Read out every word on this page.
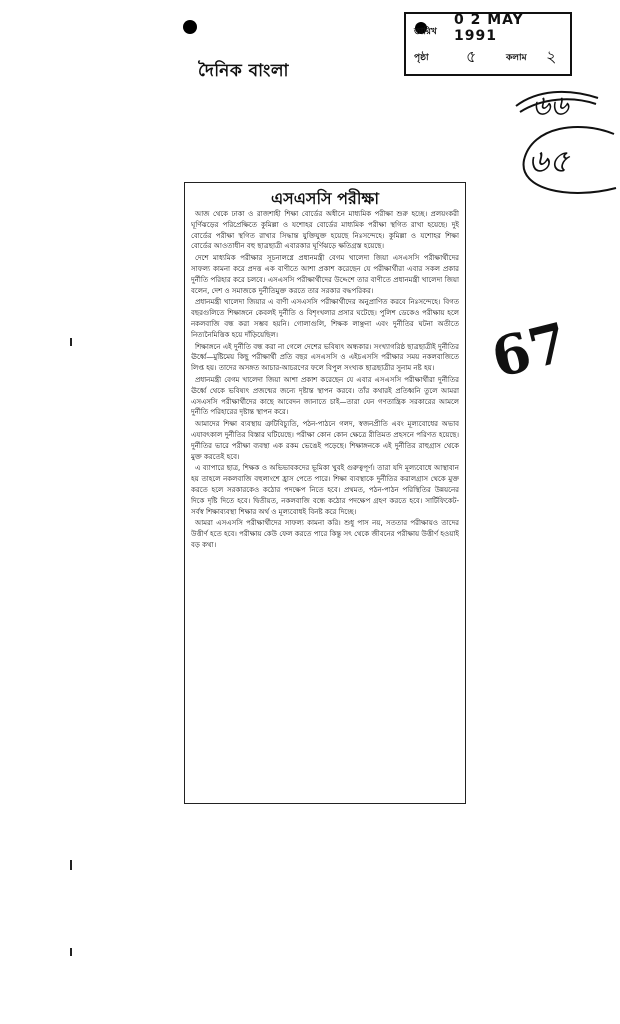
দৈনিক বাংলা
তারিখ
0 2 MAY 1991
পৃষ্ঠা ৫	কলাম ২
৬৬
৬৫
67
এসএসসি পরীক্ষা

আজ থেকে ঢাকা ও রাজশাহী শিক্ষা বোর্ডের অধীনে মাধ্যমিক পরীক্ষা শুরু হচ্ছে। প্রলয়ংকরী ঘূর্ণিঝড়ের পরিপ্রেক্ষিতে কুমিল্লা ও যশোহর বোর্ডের মাধ্যমিক পরীক্ষা স্থগিত রাখা হয়েছে। দুই বোর্ডের পরীক্ষা স্থগিত রাখার সিদ্ধান্ত যুক্তিযুক্ত হয়েছে নিঃসন্দেহে। কুমিল্লা ও যশোহর শিক্ষা বোর্ডের আওতাধীন বহু ছাত্রছাত্রী এবারকার ঘূর্ণিঝড়ে ক্ষতিগ্রস্ত হয়েছে।

দেশে মাধ্যমিক পরীক্ষার সূচনালগ্নে প্রধানমন্ত্রী বেগম খালেদা জিয়া এসএসসি পরীক্ষার্থীদের সাফল্য কামনা করে প্রদত্ত এক বাণীতে আশা প্রকাশ করেছেন যে পরীক্ষার্থীরা এবার সকল প্রকার দুর্নীতি পরিহার করে চলবে। এসএসসি পরীক্ষার্থীদের উদ্দেশে তার বাণীতে প্রধানমন্ত্রী খালেদা জিয়া বলেন, দেশ ও সমাজকে দুর্নীতিমুক্ত করতে তার সরকার বদ্ধপরিকর।

প্রধানমন্ত্রী খালেদা জিয়ার এ বাণী এসএসসি পরীক্ষার্থীদের অনুপ্রাণিত করবে নিঃসন্দেহে। বিগত বছরগুলিতে শিক্ষাঙ্গনে কেবলই দুর্নীতি ও বিশৃংখলার প্রসার ঘটেছে। পুলিশ ডেকেও পরীক্ষায় হলে নকলবাজি বন্ধ করা সম্ভব হয়নি। গোলাগুলি, শিক্ষক লাঞ্ছনা এবং দুর্নীতির ঘটনা অতীতে নিত্যনৈমিত্তিক হয়ে দাঁড়িয়েছিল।

শিক্ষাঙ্গনে এই দুর্নীতি বন্ধ করা না গেলে দেশের ভবিষ্যৎ অন্ধকার। সংখ্যাগরিষ্ঠ ছাত্রছাত্রীই দুর্নীতির ঊর্ধ্বে—মুষ্টিমেয় কিছু পরীক্ষার্থী প্রতি বছর এসএসসি ও এইচএসসি পরীক্ষার সময় নকলবাজিতে লিপ্ত হয়। তাদের অসঙ্গত আচার-আচরণের ফলে বিপুল সংখ্যক ছাত্রছাত্রীর সুনাম নষ্ট হয়।

প্রধানমন্ত্রী বেগম খালেদা জিয়া আশা প্রকাশ করেছেন যে এবার এসএসসি পরীক্ষার্থীরা দুর্নীতির ঊর্ধ্বে থেকে ভবিষ্যৎ প্রজন্মের জন্যে দৃষ্টান্ত স্থাপন করবে। তাঁর কথারই প্রতিধ্বনি তুলে আমরা এসএসসি পরীক্ষার্থীদের কাছে আবেদন জানাতে চাই—তারা যেন গণতান্ত্রিক সরকারের আমলে দুর্নীতি পরিহারের দৃষ্টান্ত স্থাপন করে।

আমাদের শিক্ষা ব্যবস্থায় ত্রুটিবিচ্যুতি, পঠন-পাঠনে গলদ, স্বজনপ্রীতি এবং মূল্যবোধের অভাব এযাবৎকাল দুর্নীতির বিস্তার ঘটিয়েছে। পরীক্ষা কোন কোন ক্ষেত্রে রীতিমত প্রহসনে পরিণত হয়েছে। দুর্নীতির ভারে পরীক্ষা ব্যবস্থা এক রকম ভেঙেই পড়েছে। শিক্ষাঙ্গনকে এই দুর্নীতির রাহুগ্রাস থেকে মুক্ত করতেই হবে।

এ ব্যাপারে ছাত্র, শিক্ষক ও অভিভাবকদের ভূমিকা খুবই গুরুত্বপূর্ণ। তারা যদি মূল্যবোধে আস্থাবান হয় তাহলে নকলবাজি বহুলাংশে হ্রাস পেতে পারে। শিক্ষা ব্যবস্থাকে দুর্নীতির করালগ্রাস থেকে মুক্ত করতে হলে সরকারকেও কঠোর পদক্ষেপ নিতে হবে। প্রথমত, পঠন-পাঠন পরিস্থিতির উন্নয়নের দিকে দৃষ্টি দিতে হবে। দ্বিতীয়ত, নকলবাজি বন্ধে কঠোর পদক্ষেপ গ্রহণ করতে হবে। সার্টিফিকেট-সর্বস্ব শিক্ষাব্যবস্থা শিক্ষার অর্থ ও মূল্যবোধই বিনষ্ট করে দিচ্ছে।

আমরা এসএসসি পরীক্ষার্থীদের সাফল্য কামনা করি। শুধু পাস নয়, সততার পরীক্ষায়ও তাদের উত্তীর্ণ হতে হবে। পরীক্ষায় কেউ ফেল করতে পারে কিন্তু সৎ থেকে জীবনের পরীক্ষায় উত্তীর্ণ হওয়াই বড় কথা।
